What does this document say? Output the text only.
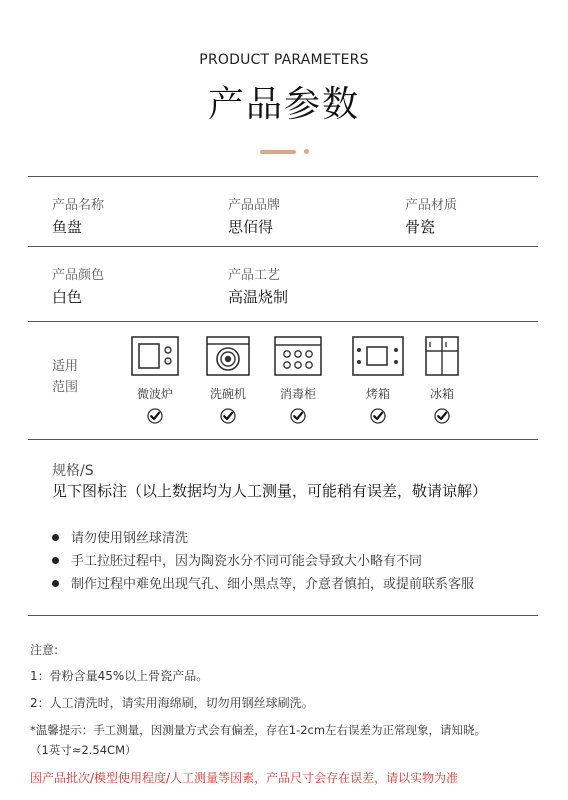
PRODUCT PARAMETERS
产品参数
产品名称
鱼盘
产品品牌
思佰得
产品材质
骨瓷
产品颜色
白色
产品工艺
高温烧制
适用
范围	微波炉	洗碗机	消毒柜	烤箱	冰箱
规格/S
见下图标注（以上数据均为人工测量，可能稍有误差，敬请谅解）
请勿使用钢丝球清洗
手工拉胚过程中，因为陶瓷水分不同可能会导致大小略有不同
制作过程中难免出现气孔、细小黑点等，介意者慎拍，或提前联系客服
注意:
1：骨粉含量45%以上骨瓷产品。
2：人工清洗时，请实用海绵刷，切勿用钢丝球刷洗。
*温馨提示：手工测量，因测量方式会有偏差，存在1-2cm左右误差为正常现象，请知晓。
（1英寸≈2.54CM）
因产品批次/模型使用程度/人工测量等因素，产品尺寸会存在误差，请以实物为准
